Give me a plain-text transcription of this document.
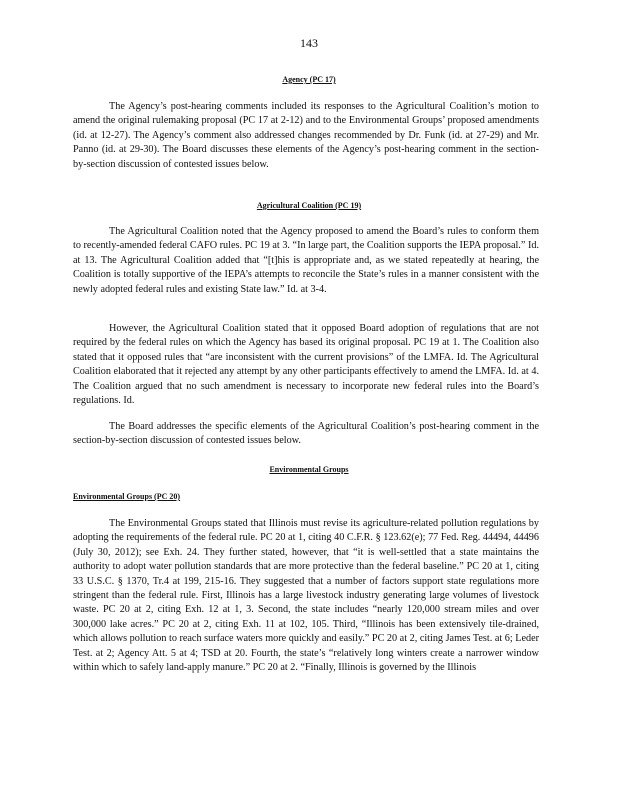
143
Agency (PC 17)

The Agency’s post-hearing comments included its responses to the Agricultural Coalition’s motion to amend the original rulemaking proposal (PC 17 at 2-12) and to the Environmental Groups’ proposed amendments (id. at 12-27). The Agency’s comment also addressed changes recommended by Dr. Funk (id. at 27-29) and Mr. Panno (id. at 29-30). The Board discusses these elements of the Agency’s post-hearing comment in the section-by-section discussion of contested issues below.

Agricultural Coalition (PC 19)

The Agricultural Coalition noted that the Agency proposed to amend the Board’s rules to conform them to recently-amended federal CAFO rules. PC 19 at 3. “In large part, the Coalition supports the IEPA proposal.” Id. at 13. The Agricultural Coalition added that “[t]his is appropriate and, as we stated repeatedly at hearing, the Coalition is totally supportive of the IEPA’s attempts to reconcile the State’s rules in a manner consistent with the newly adopted federal rules and existing State law.” Id. at 3-4.

However, the Agricultural Coalition stated that it opposed Board adoption of regulations that are not required by the federal rules on which the Agency has based its original proposal. PC 19 at 1. The Coalition also stated that it opposed rules that “are inconsistent with the current provisions” of the LMFA. Id. The Agricultural Coalition elaborated that it rejected any attempt by any other participants effectively to amend the LMFA. Id. at 4. The Coalition argued that no such amendment is necessary to incorporate new federal rules into the Board’s regulations. Id.

The Board addresses the specific elements of the Agricultural Coalition’s post-hearing comment in the section-by-section discussion of contested issues below.

Environmental Groups
Environmental Groups (PC 20)

The Environmental Groups stated that Illinois must revise its agriculture-related pollution regulations by adopting the requirements of the federal rule. PC 20 at 1, citing 40 C.F.R. § 123.62(e); 77 Fed. Reg. 44494, 44496 (July 30, 2012); see Exh. 24. They further stated, however, that “it is well-settled that a state maintains the authority to adopt water pollution standards that are more protective than the federal baseline.” PC 20 at 1, citing 33 U.S.C. § 1370, Tr.4 at 199, 215-16. They suggested that a number of factors support state regulations more stringent than the federal rule. First, Illinois has a large livestock industry generating large volumes of livestock waste. PC 20 at 2, citing Exh. 12 at 1, 3. Second, the state includes “nearly 120,000 stream miles and over 300,000 lake acres.” PC 20 at 2, citing Exh. 11 at 102, 105. Third, “Illinois has been extensively tile-drained, which allows pollution to reach surface waters more quickly and easily.” PC 20 at 2, citing James Test. at 6; Leder Test. at 2; Agency Att. 5 at 4; TSD at 20. Fourth, the state’s “relatively long winters create a narrower window within which to safely land-apply manure.” PC 20 at 2. “Finally, Illinois is governed by the Illinois
